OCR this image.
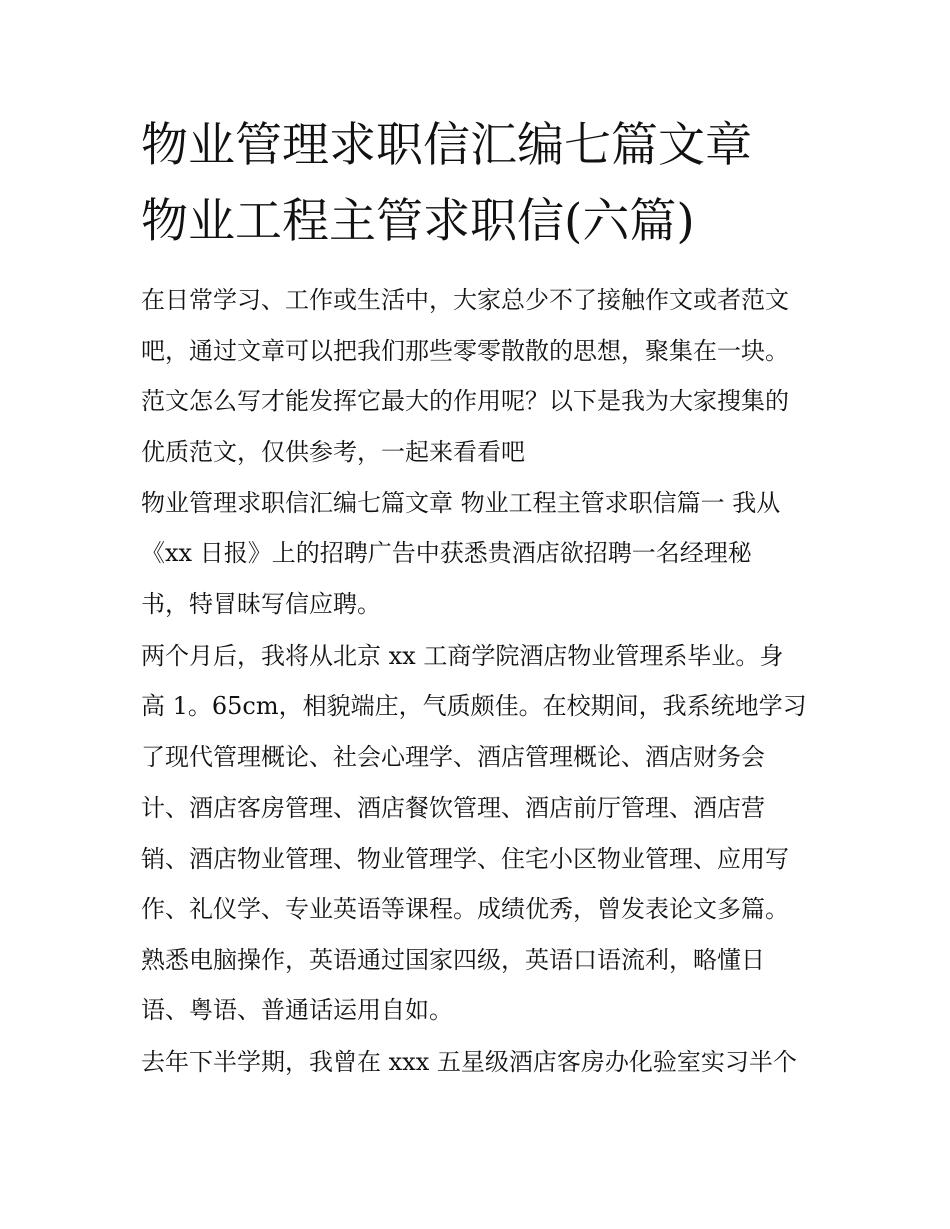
物业管理求职信汇编七篇文章
物业工程主管求职信(六篇)
在日常学习、工作或生活中，大家总少不了接触作文或者范文
吧，通过文章可以把我们那些零零散散的思想，聚集在一块。
范文怎么写才能发挥它最大的作用呢？以下是我为大家搜集的
优质范文，仅供参考，一起来看看吧
物业管理求职信汇编七篇文章 物业工程主管求职信篇一 我从
《xx 日报》上的招聘广告中获悉贵酒店欲招聘一名经理秘
书，特冒昧写信应聘。
两个月后，我将从北京 xx 工商学院酒店物业管理系毕业。身
高 1。65cm，相貌端庄，气质颇佳。在校期间，我系统地学习
了现代管理概论、社会心理学、酒店管理概论、酒店财务会
计、酒店客房管理、酒店餐饮管理、酒店前厅管理、酒店营
销、酒店物业管理、物业管理学、住宅小区物业管理、应用写
作、礼仪学、专业英语等课程。成绩优秀，曾发表论文多篇。
熟悉电脑操作，英语通过国家四级，英语口语流利，略懂日
语、粤语、普通话运用自如。
去年下半学期，我曾在 xxx 五星级酒店客房办化验室实习半个
